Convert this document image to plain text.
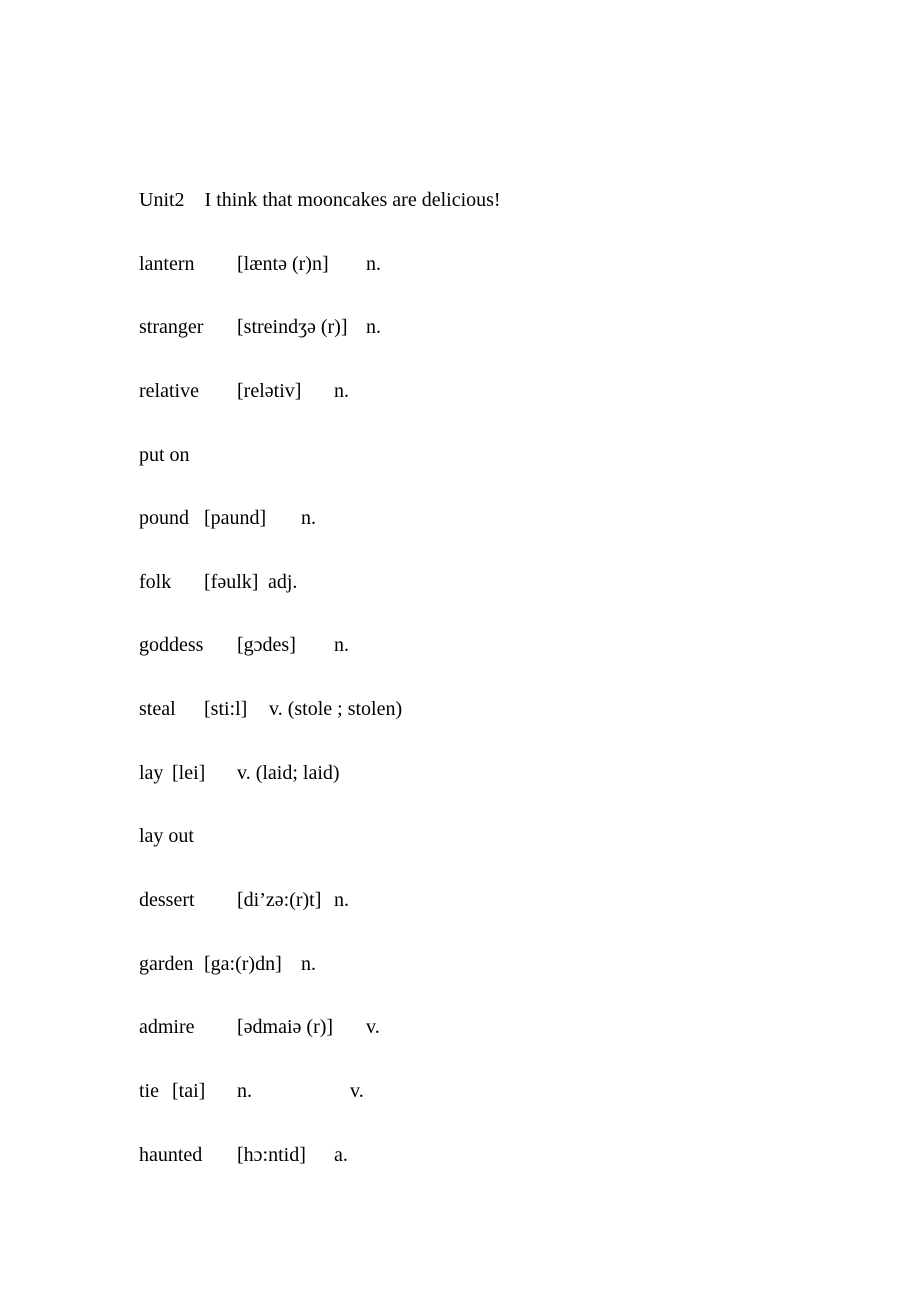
Unit2    I think that mooncakes are delicious!
lantern [læntə (r)n] n.
stranger [streindʒə (r)] n.
relative [relətiv] n.
put on
pound [paund] n.
folk [fəulk] adj.
goddess [gɔdes] n.
steal [sti:l] v. (stole ; stolen)
lay [lei] v. (laid; laid)
lay out
dessert [di’zə:(r)t] n.
garden [ga:(r)dn] n.
admire [ədmaiə (r)] v.
tie [tai] n.	v.
haunted [hɔ:ntid] a.
